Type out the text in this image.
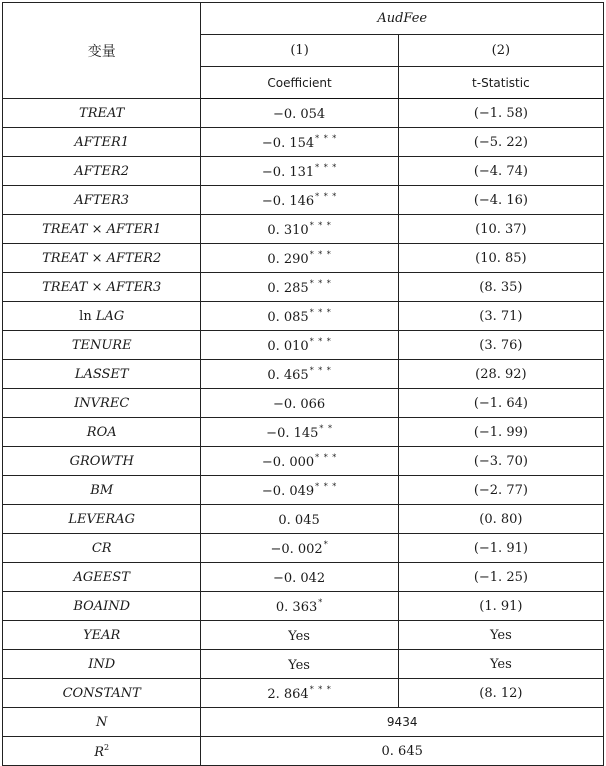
变量	AudFee	
	(1)	(2)
	Coefficient	t-Statistic
TREAT	−0. 054	(−1. 58)
AFTER1	−0. 154* * *	(−5. 22)
AFTER2	−0. 131* * *	(−4. 74)
AFTER3	−0. 146* * *	(−4. 16)
TREAT × AFTER1	0. 310* * *	(10. 37)
TREAT × AFTER2	0. 290* * *	(10. 85)
TREAT × AFTER3	0. 285* * *	(8. 35)
ln LAG	0. 085* * *	(3. 71)
TENURE	0. 010* * *	(3. 76)
LASSET	0. 465* * *	(28. 92)
INVREC	−0. 066	(−1. 64)
ROA	−0. 145* *	(−1. 99)
GROWTH	−0. 000* * *	(−3. 70)
BM	−0. 049* * *	(−2. 77)
LEVERAG	0. 045	(0. 80)
CR	−0. 002*	(−1. 91)
AGEEST	−0. 042	(−1. 25)
BOAIND	0. 363*	(1. 91)
YEAR	Yes	Yes
IND	Yes	Yes
CONSTANT	2. 864* * *	(8. 12)
N	9434	
$R^2$	0. 645	
